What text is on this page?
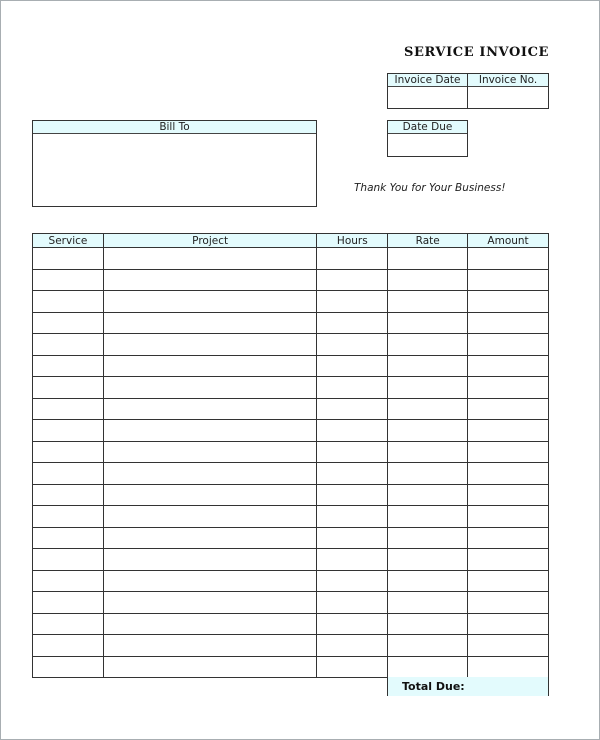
SERVICE INVOICE
Invoice Date	Invoice No.
Date Due
Bill To
Thank You for Your Business!
Service	Project	Hours	Rate	Amount

Total Due:
